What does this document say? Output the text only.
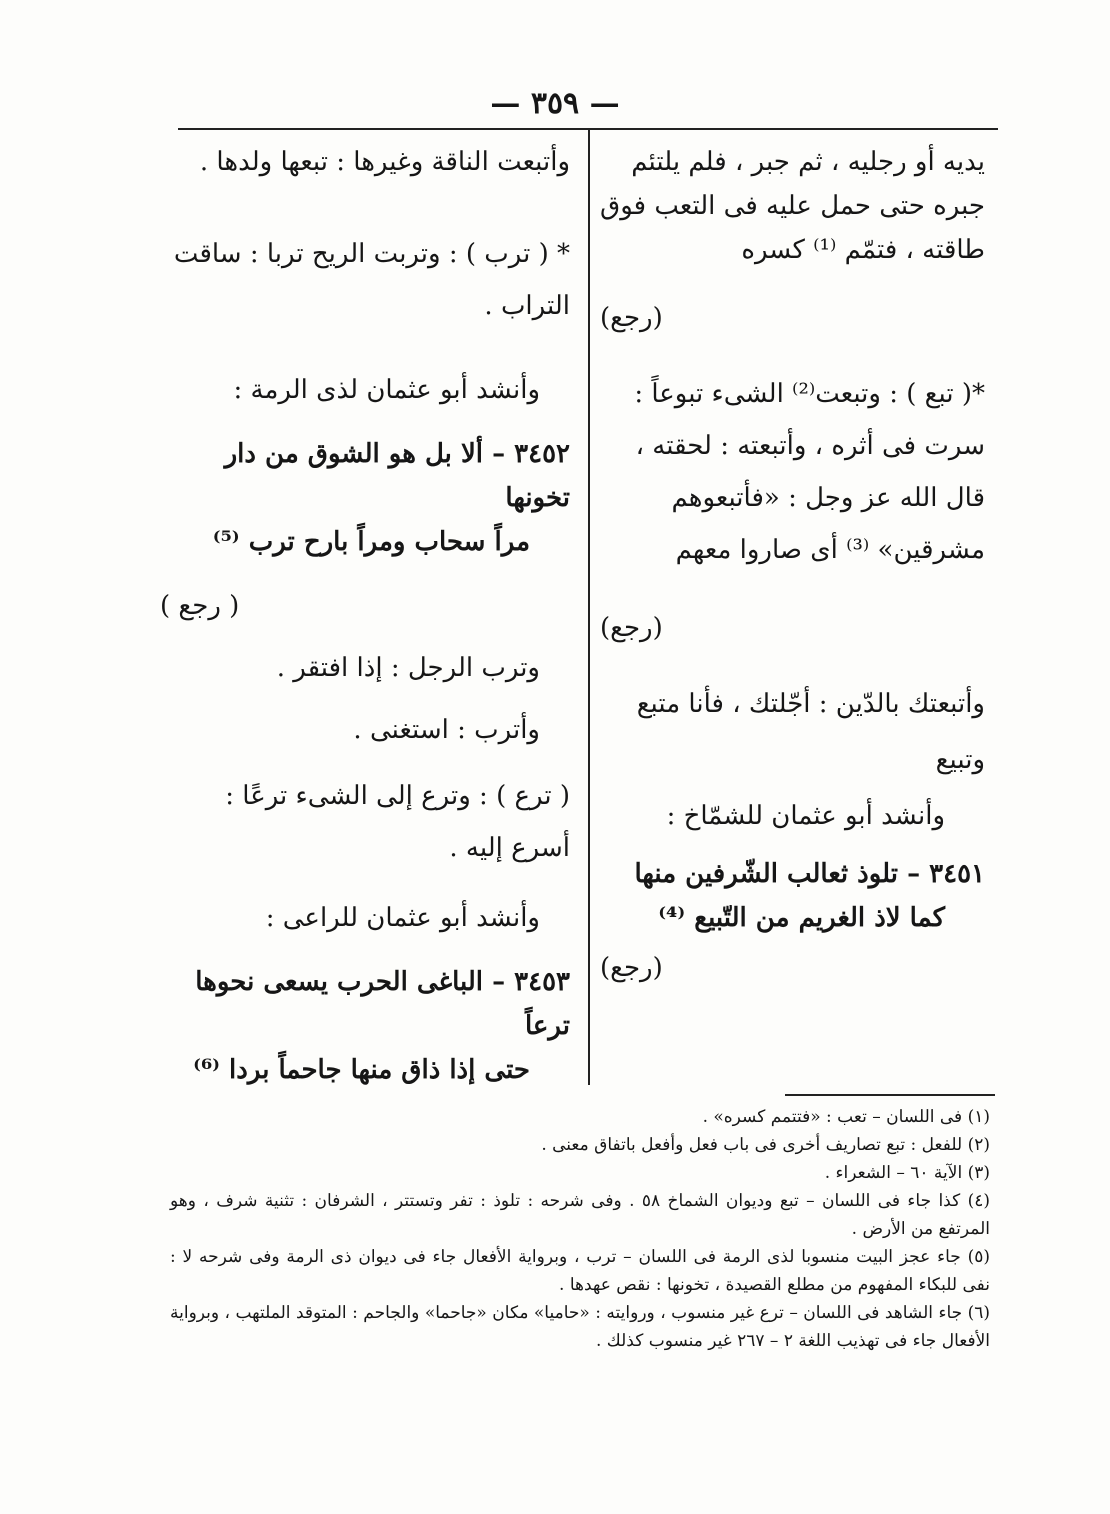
— ٣٥٩ —

يديه أو رجليه ، ثم جبر ، فلم يلتئم جبره حتى حمل عليه فى التعب فوق طاقته ، فتمّم ⁽¹⁾ كسره

(رجع)

*( تبع ) : وتبعت⁽²⁾ الشىء تبوعاً : سرت فى أثره ، وأتبعته : لحقته ، قال الله عز وجل : «فأتبعوهم مشرقين» ⁽³⁾ أى صاروا معهم

(رجع)

وأتبعتك بالدّين : أجّلتك ، فأنا متبع وتبيع

وأنشد أبو عثمان للشمّاخ :

٣٤٥١ – تلوذ ثعالب الشّرفين منها

كما لاذ الغريم من التّبيع ⁽⁴⁾

(رجع)

وأتبعت الناقة وغيرها : تبعها ولدها .

* ( ترب ) : وتربت الريح تربا : ساقت التراب .

وأنشد أبو عثمان لذى الرمة :

٣٤٥٢ – ألا بل هو الشوق من دار تخونها

مراً سحاب ومراً بارح ترب ⁽⁵⁾

( رجع )

وترب الرجل : إذا افتقر .

وأترب : استغنى .

( ترع ) : وترع إلى الشىء ترعًا : أسرع إليه .

وأنشد أبو عثمان للراعى :

٣٤٥٣ – الباغى الحرب يسعى نحوها ترعاً

حتى إذا ذاق منها جاحماً بردا ⁽⁶⁾

(١) فى اللسان – تعب : «فتتمم كسره» .

(٢) للفعل : تبع تصاريف أخرى فى باب فعل وأفعل باتفاق معنى .

(٣) الآية ٦٠ – الشعراء .

(٤) كذا جاء فى اللسان – تبع وديوان الشماخ ٥٨ . وفى شرحه : تلوذ : تفر وتستتر ، الشرفان : تثنية شرف ، وهو المرتفع من الأرض .

(٥) جاء عجز البيت منسوبا لذى الرمة فى اللسان – ترب ، وبرواية الأفعال جاء فى ديوان ذى الرمة وفى شرحه لا : نفى للبكاء المفهوم من مطلع القصيدة ، تخونها : نقص عهدها .

(٦) جاء الشاهد فى اللسان – ترع غير منسوب ، وروايته : «حاميا» مكان «جاحما» والجاحم : المتوقد الملتهب ، وبرواية الأفعال جاء فى تهذيب اللغة ٢ – ٢٦٧ غير منسوب كذلك .
